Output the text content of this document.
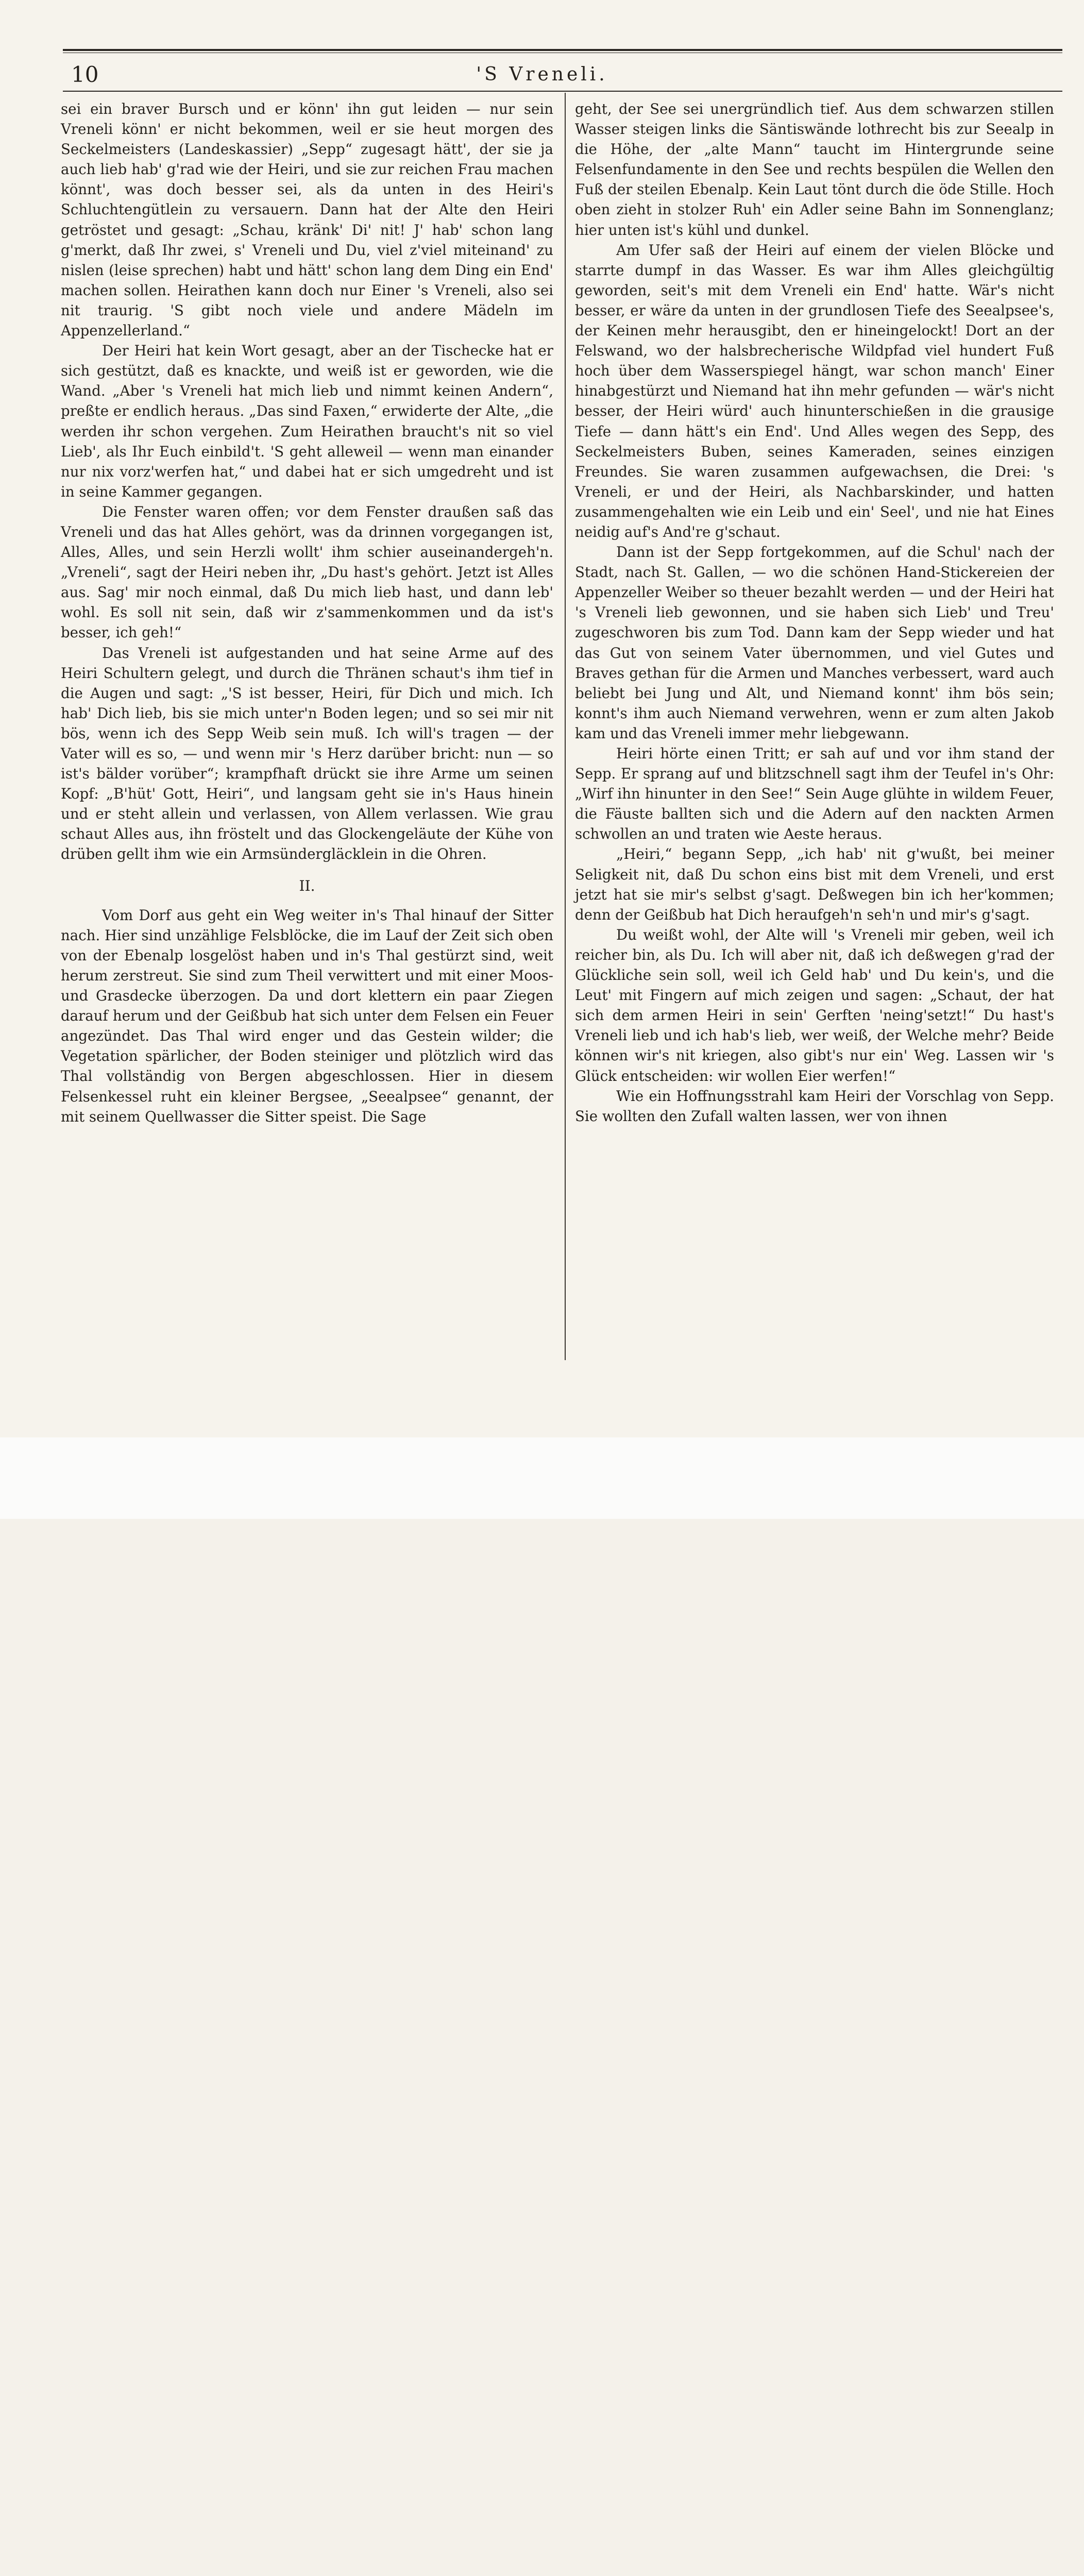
10	'S Vreneli.

sei ein braver Bursch und er könn' ihn gut leiden — nur sein Vreneli könn' er nicht bekommen, weil er sie heut morgen des Seckelmeisters (Landeskassier) „Sepp“ zugesagt hätt', der sie ja auch lieb hab' g'rad wie der Heiri, und sie zur reichen Frau machen könnt', was doch besser sei, als da unten in des Heiri's Schluchtengütlein zu versauern. Dann hat der Alte den Heiri getröstet und gesagt: „Schau, kränk' Di' nit! J' hab' schon lang g'merkt, daß Ihr zwei, s' Vreneli und Du, viel z'viel miteinand' zu nislen (leise sprechen) habt und hätt' schon lang dem Ding ein End' machen sollen. Heirathen kann doch nur Einer 's Vreneli, also sei nit traurig. 'S gibt noch viele und andere Mädeln im Appenzellerland.“

Der Heiri hat kein Wort gesagt, aber an der Tischecke hat er sich gestützt, daß es knackte, und weiß ist er geworden, wie die Wand. „Aber 's Vreneli hat mich lieb und nimmt keinen Andern“, preßte er endlich heraus. „Das sind Faxen,“ erwiderte der Alte, „die werden ihr schon vergehen. Zum Heirathen braucht's nit so viel Lieb', als Ihr Euch einbild't. 'S geht alleweil — wenn man einander nur nix vorz'werfen hat,“ und dabei hat er sich umgedreht und ist in seine Kammer gegangen.

Die Fenster waren offen; vor dem Fenster draußen saß das Vreneli und das hat Alles gehört, was da drinnen vorgegangen ist, Alles, Alles, und sein Herzli wollt' ihm schier auseinandergeh'n. „Vreneli“, sagt der Heiri neben ihr, „Du hast's gehört. Jetzt ist Alles aus. Sag' mir noch einmal, daß Du mich lieb hast, und dann leb' wohl. Es soll nit sein, daß wir z'sammenkommen und da ist's besser, ich geh!“

Das Vreneli ist aufgestanden und hat seine Arme auf des Heiri Schultern gelegt, und durch die Thränen schaut's ihm tief in die Augen und sagt: „'S ist besser, Heiri, für Dich und mich. Ich hab' Dich lieb, bis sie mich unter'n Boden legen; und so sei mir nit bös, wenn ich des Sepp Weib sein muß. Ich will's tragen — der Vater will es so, — und wenn mir 's Herz darüber bricht: nun — so ist's bälder vorüber“; krampfhaft drückt sie ihre Arme um seinen Kopf: „B'hüt' Gott, Heiri“, und langsam geht sie in's Haus hinein und er steht allein und verlassen, von Allem verlassen. Wie grau schaut Alles aus, ihn fröstelt und das Glockengeläute der Kühe von drüben gellt ihm wie ein Armsündergläcklein in die Ohren.

II.

Vom Dorf aus geht ein Weg weiter in's Thal hinauf der Sitter nach. Hier sind unzählige Felsblöcke, die im Lauf der Zeit sich oben von der Ebenalp losgelöst haben und in's Thal gestürzt sind, weit herum zerstreut. Sie sind zum Theil verwittert und mit einer Moos- und Grasdecke überzogen. Da und dort klettern ein paar Ziegen darauf herum und der Geißbub hat sich unter dem Felsen ein Feuer angezündet. Das Thal wird enger und das Gestein wilder; die Vegetation spärlicher, der Boden steiniger und plötzlich wird das Thal vollständig von Bergen abgeschlossen. Hier in diesem Felsenkessel ruht ein kleiner Bergsee, „Seealpsee“ genannt, der mit seinem Quellwasser die Sitter speist. Die Sage

geht, der See sei unergründlich tief. Aus dem schwarzen stillen Wasser steigen links die Säntiswände lothrecht bis zur Seealp in die Höhe, der „alte Mann“ taucht im Hintergrunde seine Felsenfundamente in den See und rechts bespülen die Wellen den Fuß der steilen Ebenalp. Kein Laut tönt durch die öde Stille. Hoch oben zieht in stolzer Ruh' ein Adler seine Bahn im Sonnenglanz; hier unten ist's kühl und dunkel.

Am Ufer saß der Heiri auf einem der vielen Blöcke und starrte dumpf in das Wasser. Es war ihm Alles gleichgültig geworden, seit's mit dem Vreneli ein End' hatte. Wär's nicht besser, er wäre da unten in der grundlosen Tiefe des Seealpsee's, der Keinen mehr herausgibt, den er hineingelockt! Dort an der Felswand, wo der halsbrecherische Wildpfad viel hundert Fuß hoch über dem Wasserspiegel hängt, war schon manch' Einer hinabgestürzt und Niemand hat ihn mehr gefunden — wär's nicht besser, der Heiri würd' auch hinunterschießen in die grausige Tiefe — dann hätt's ein End'. Und Alles wegen des Sepp, des Seckelmeisters Buben, seines Kameraden, seines einzigen Freundes. Sie waren zusammen aufgewachsen, die Drei: 's Vreneli, er und der Heiri, als Nachbarskinder, und hatten zusammengehalten wie ein Leib und ein' Seel', und nie hat Eines neidig auf's And're g'schaut.

Dann ist der Sepp fortgekommen, auf die Schul' nach der Stadt, nach St. Gallen, — wo die schönen Hand-Stickereien der Appenzeller Weiber so theuer bezahlt werden — und der Heiri hat 's Vreneli lieb gewonnen, und sie haben sich Lieb' und Treu' zugeschworen bis zum Tod. Dann kam der Sepp wieder und hat das Gut von seinem Vater übernommen, und viel Gutes und Braves gethan für die Armen und Manches verbessert, ward auch beliebt bei Jung und Alt, und Niemand konnt' ihm bös sein; konnt's ihm auch Niemand verwehren, wenn er zum alten Jakob kam und das Vreneli immer mehr liebgewann.

Heiri hörte einen Tritt; er sah auf und vor ihm stand der Sepp. Er sprang auf und blitzschnell sagt ihm der Teufel in's Ohr: „Wirf ihn hinunter in den See!“ Sein Auge glühte in wildem Feuer, die Fäuste ballten sich und die Adern auf den nackten Armen schwollen an und traten wie Aeste heraus.

„Heiri,“ begann Sepp, „ich hab' nit g'wußt, bei meiner Seligkeit nit, daß Du schon eins bist mit dem Vreneli, und erst jetzt hat sie mir's selbst g'sagt. Deßwegen bin ich her'kommen; denn der Geißbub hat Dich heraufgeh'n seh'n und mir's g'sagt.

Du weißt wohl, der Alte will 's Vreneli mir geben, weil ich reicher bin, als Du. Ich will aber nit, daß ich deßwegen g'rad der Glückliche sein soll, weil ich Geld hab' und Du kein's, und die Leut' mit Fingern auf mich zeigen und sagen: „Schaut, der hat sich dem armen Heiri in sein' Gerften 'neing'setzt!“ Du hast's Vreneli lieb und ich hab's lieb, wer weiß, der Welche mehr? Beide können wir's nit kriegen, also gibt's nur ein' Weg. Lassen wir 's Glück entscheiden: wir wollen Eier werfen!“

Wie ein Hoffnungsstrahl kam Heiri der Vorschlag von Sepp. Sie wollten den Zufall walten lassen, wer von ihnen
